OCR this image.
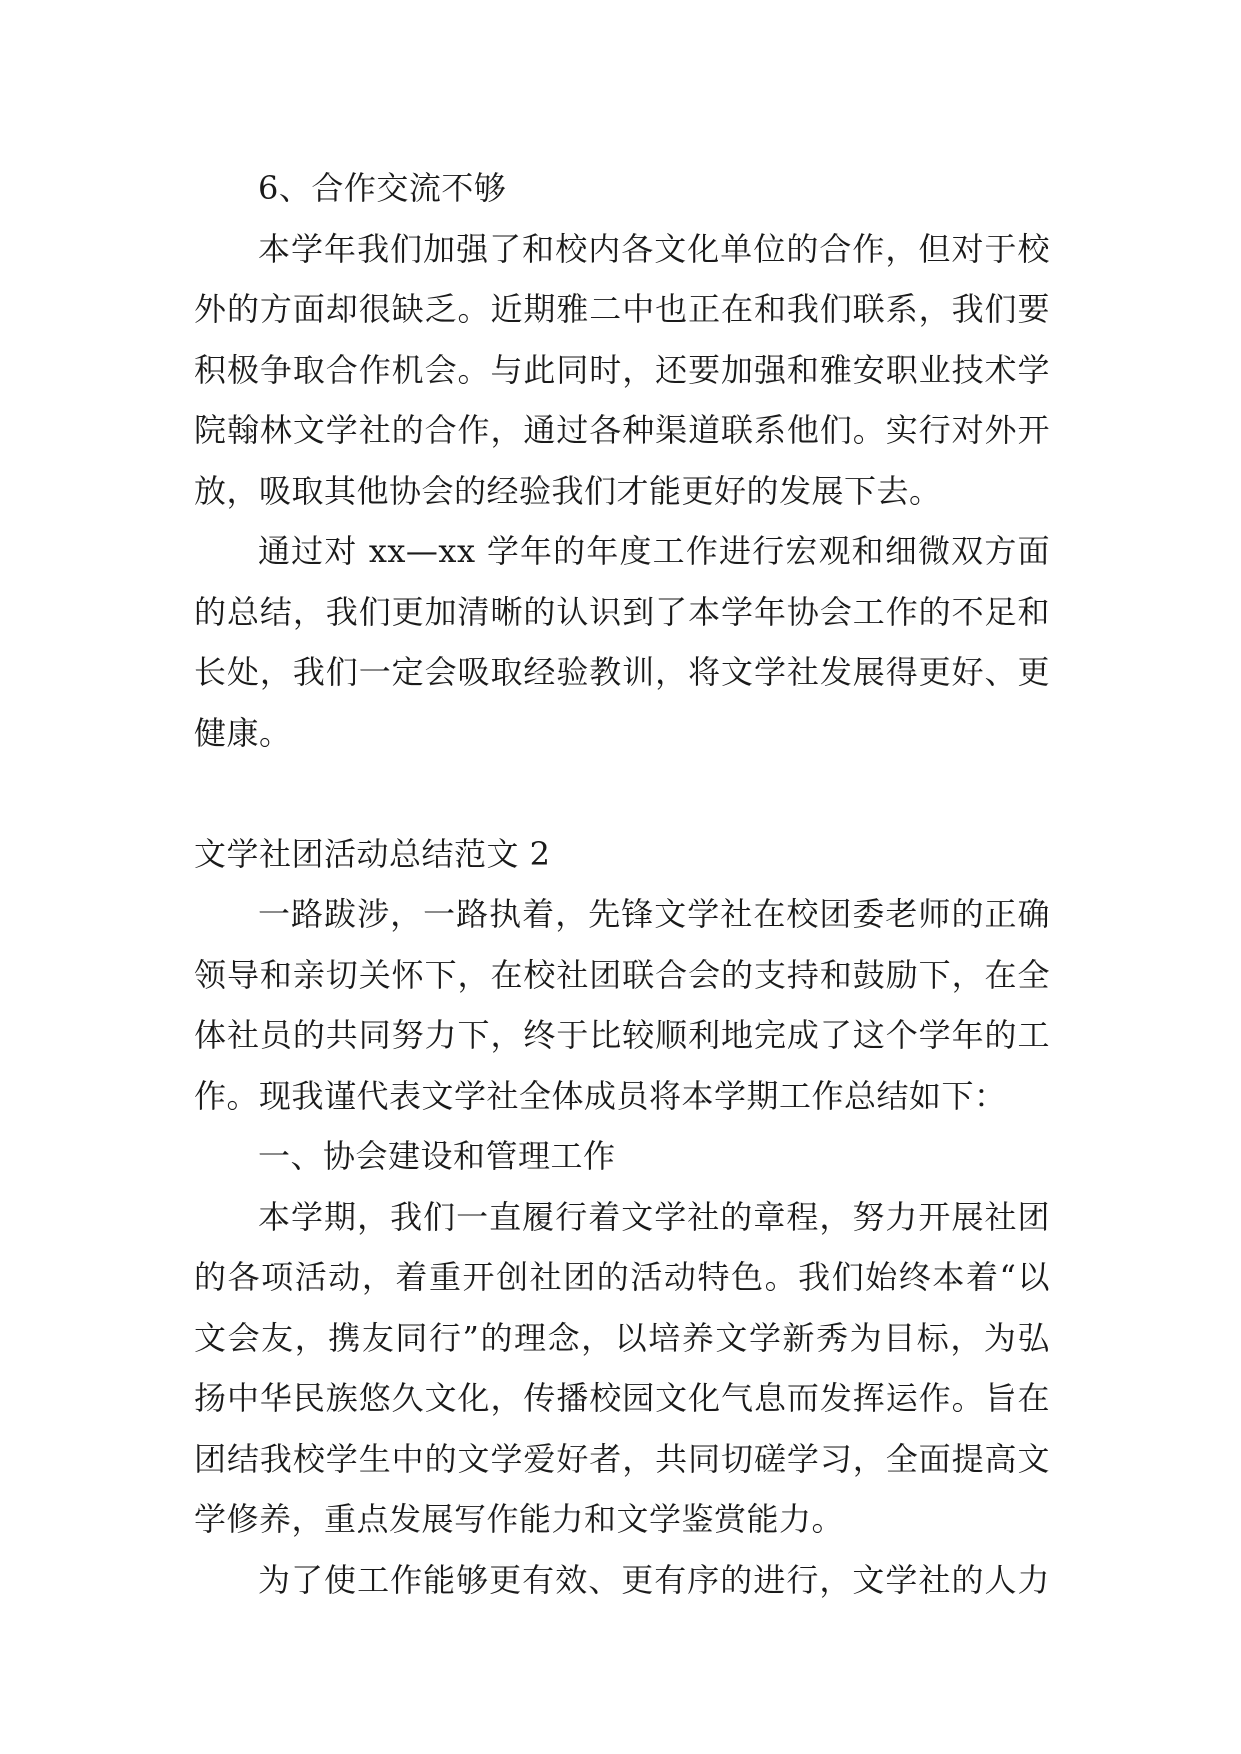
6、合作交流不够
本学年我们加强了和校内各文化单位的合作，但对于校
外的方面却很缺乏。近期雅二中也正在和我们联系，我们要
积极争取合作机会。与此同时，还要加强和雅安职业技术学
院翰林文学社的合作，通过各种渠道联系他们。实行对外开
放，吸取其他协会的经验我们才能更好的发展下去。
通过对 xx—xx 学年的年度工作进行宏观和细微双方面
的总结，我们更加清晰的认识到了本学年协会工作的不足和
长处，我们一定会吸取经验教训，将文学社发展得更好、更
健康。
文学社团活动总结范文 2
一路跋涉，一路执着，先锋文学社在校团委老师的正确
领导和亲切关怀下，在校社团联合会的支持和鼓励下，在全
体社员的共同努力下，终于比较顺利地完成了这个学年的工
作。现我谨代表文学社全体成员将本学期工作总结如下：
一、协会建设和管理工作
本学期，我们一直履行着文学社的章程，努力开展社团
的各项活动，着重开创社团的活动特色。我们始终本着“以
文会友，携友同行”的理念，以培养文学新秀为目标，为弘
扬中华民族悠久文化，传播校园文化气息而发挥运作。旨在
团结我校学生中的文学爱好者，共同切磋学习，全面提高文
学修养，重点发展写作能力和文学鉴赏能力。
为了使工作能够更有效、更有序的进行，文学社的人力
